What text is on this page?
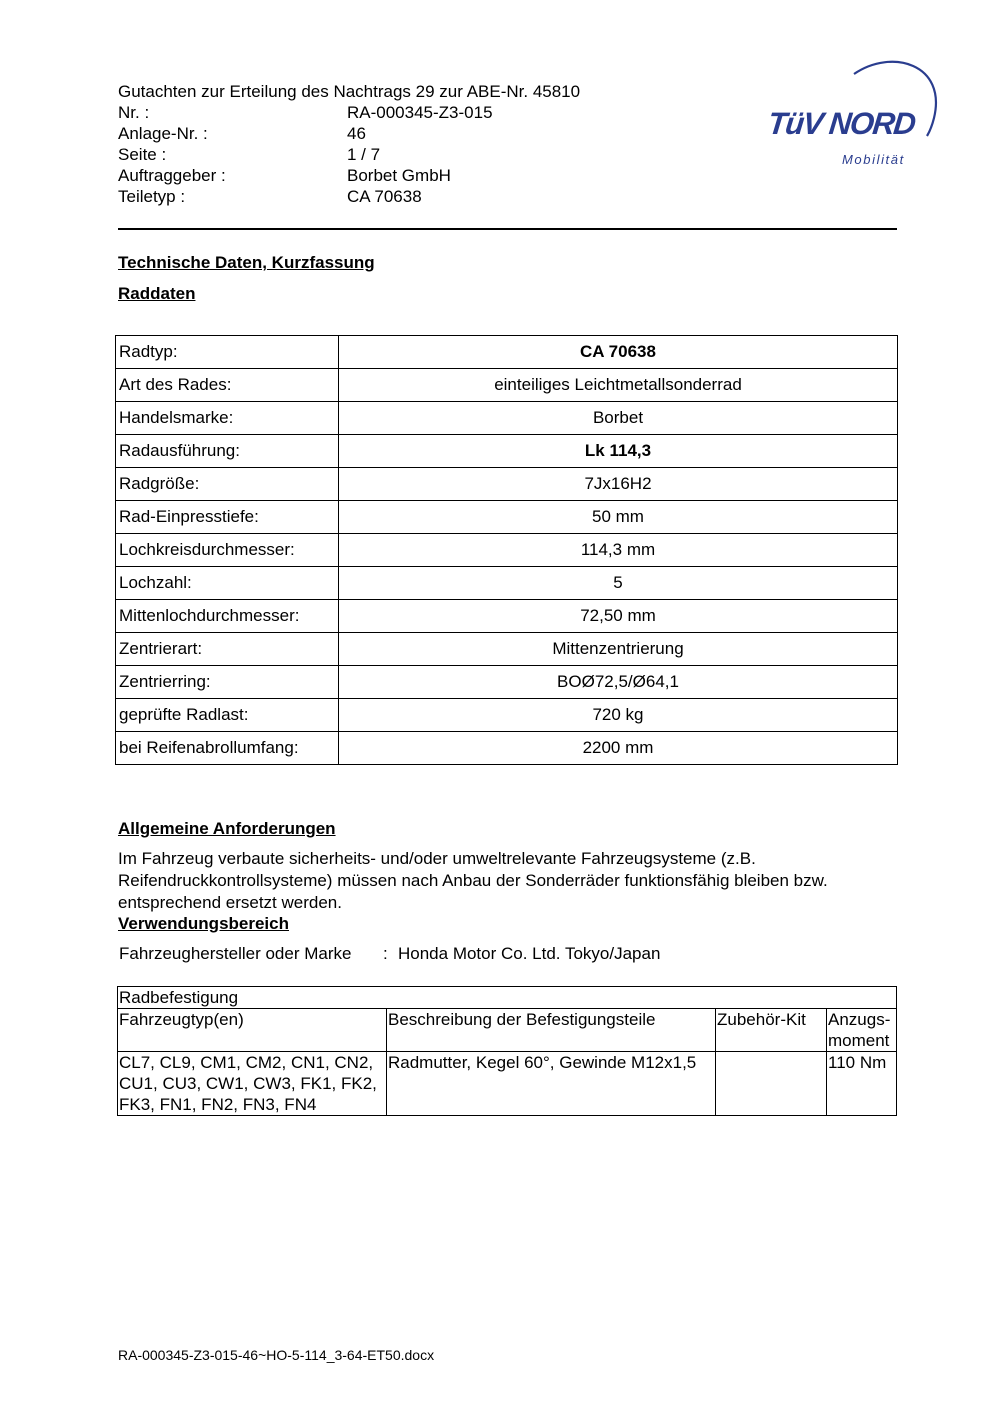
Gutachten zur Erteilung des Nachtrags 29 zur ABE-Nr. 45810
Nr. :	RA-000345-Z3-015
Anlage-Nr. :	46
Seite :	1 / 7
Auftraggeber :	Borbet GmbH
Teiletyp :	CA 70638
TüV NORD
Mobilität
Technische Daten, Kurzfassung
Raddaten
Radtyp:	CA 70638
Art des Rades:	einteiliges Leichtmetallsonderrad
Handelsmarke:	Borbet
Radausführung:	Lk 114,3
Radgröße:	7Jx16H2
Rad-Einpresstiefe:	50 mm
Lochkreisdurchmesser:	114,3 mm
Lochzahl:	5
Mittenlochdurchmesser:	72,50 mm
Zentrierart:	Mittenzentrierung
Zentrierring:	BOØ72,5/Ø64,1
geprüfte Radlast:	720 kg
bei Reifenabrollumfang:	2200 mm
Allgemeine Anforderungen
Im Fahrzeug verbaute sicherheits- und/oder umweltrelevante Fahrzeugsysteme (z.B. Reifendruckkontrollsysteme) müssen nach Anbau der Sonderräder funktionsfähig bleiben bzw. entsprechend ersetzt werden.
Verwendungsbereich
Fahrzeughersteller oder Marke : Honda Motor Co. Ltd. Tokyo/Japan
Radbefestigung			
Fahrzeugtyp(en)	Beschreibung der Befestigungsteile	Zubehör-Kit	Anzugs-
moment
CL7, CL9, CM1, CM2, CN1, CN2, CU1, CU3, CW1, CW3, FK1, FK2, FK3, FN1, FN2, FN3, FN4	Radmutter, Kegel 60°, Gewinde M12x1,5		110 Nm
RA-000345-Z3-015-46~HO-5-114_3-64-ET50.docx
